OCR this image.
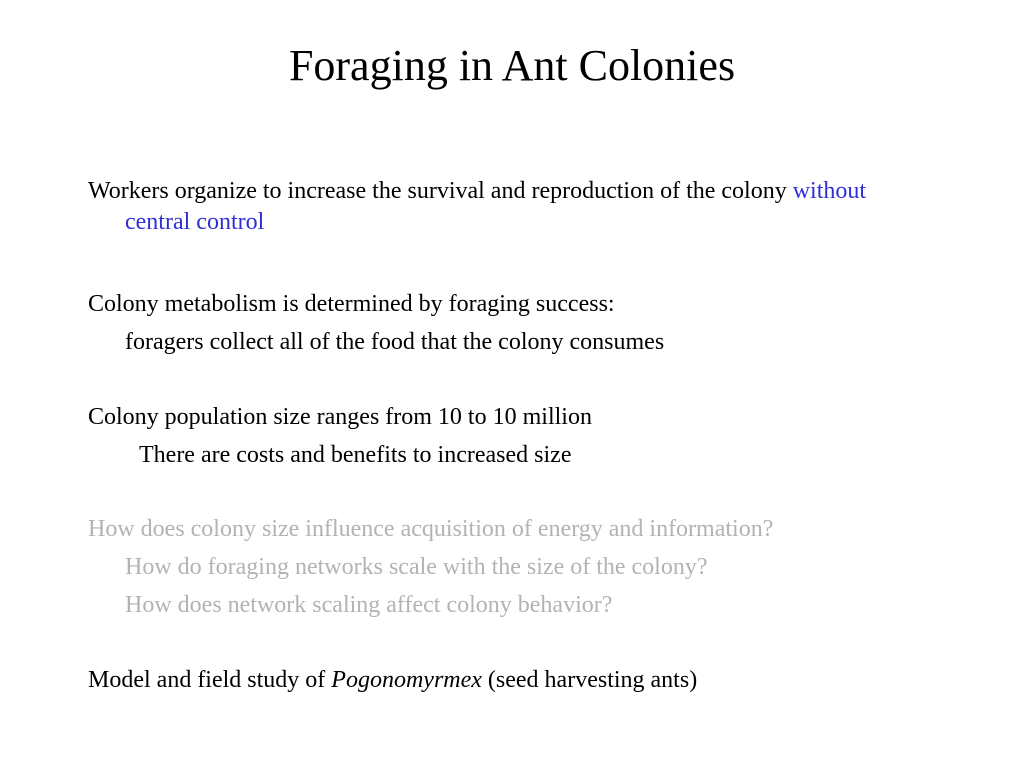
Foraging in Ant Colonies
Workers organize to increase the survival and reproduction of the colony without
central control
Colony metabolism is determined by foraging success:
foragers collect all of the food that the colony consumes
Colony population size ranges from 10 to 10 million
There are costs and benefits to increased size
How does colony size influence acquisition of energy and information?
How do foraging networks scale with the size of the colony?
How does network scaling affect colony behavior?
Model and field study of Pogonomyrmex (seed harvesting ants)
